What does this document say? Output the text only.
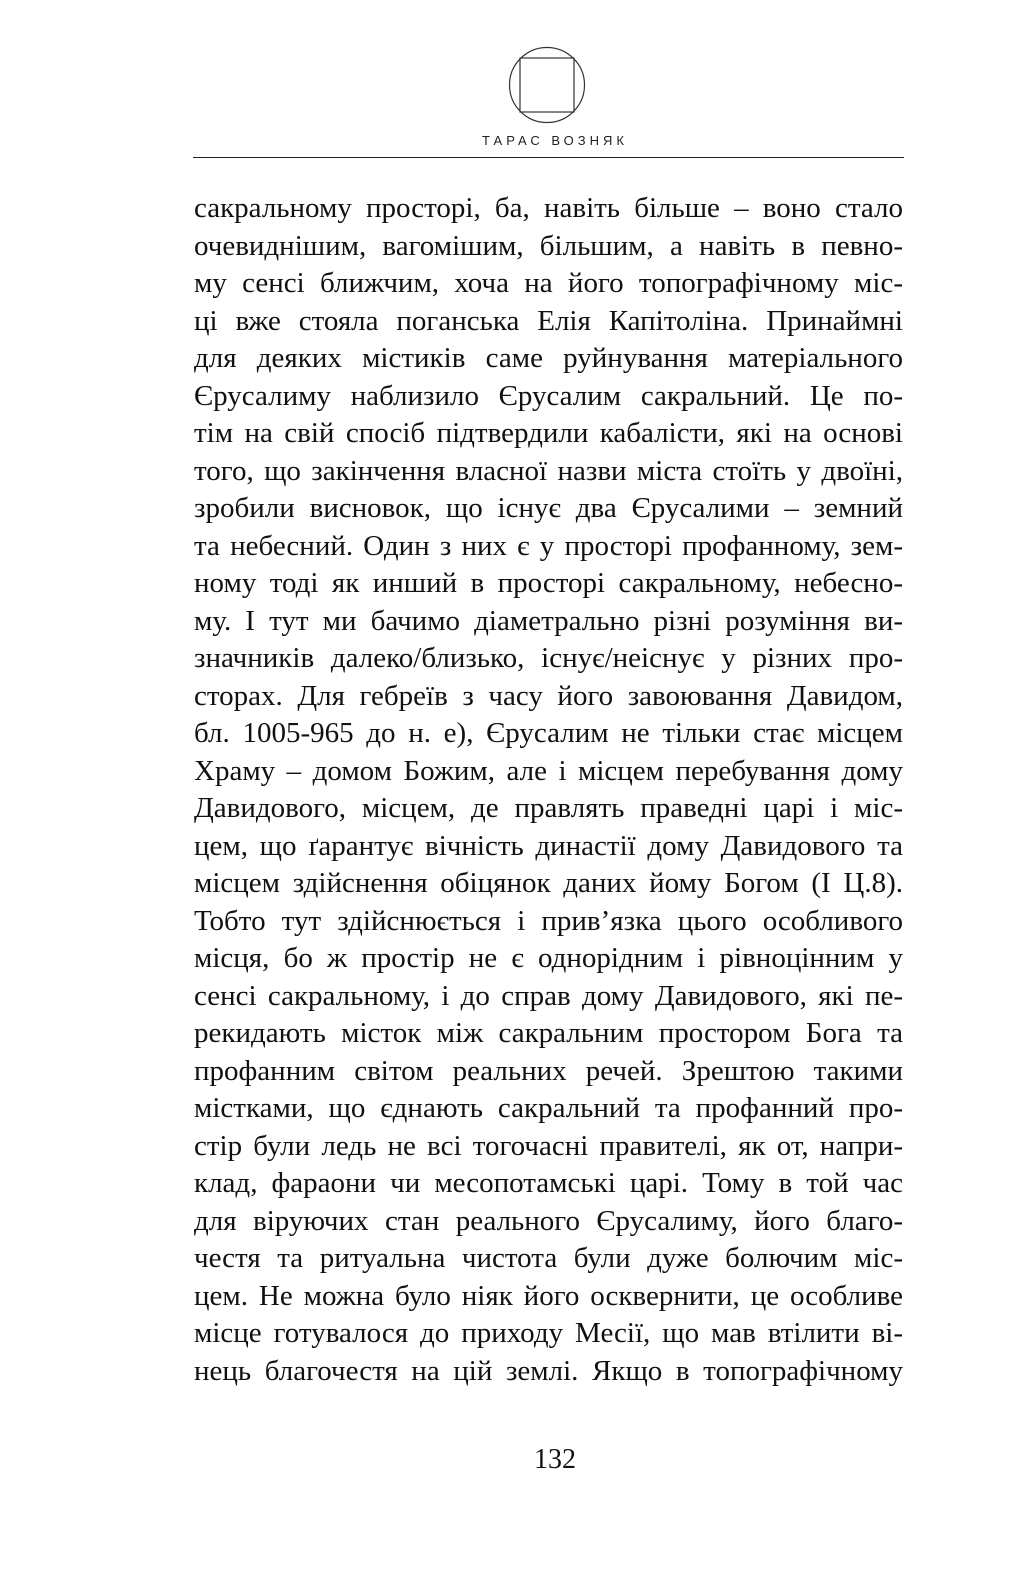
ТАРАС ВОЗНЯК
сакральному просторі, ба, навіть більше – воно стало
очевиднішим, вагомішим, більшим, а навіть в певно-
му сенсі ближчим, хоча на його топографічному міс-
ці вже стояла поганська Елія Капітоліна. Принаймні
для деяких містиків саме руйнування матеріального
Єрусалиму наблизило Єрусалим сакральний. Це по-
тім на свій спосіб підтвердили кабалісти, які на основі
того, що закінчення власної назви міста стоїть у двоїні,
зробили висновок, що існує два Єрусалими – земний
та небесний. Один з них є у просторі профанному, зем-
ному тоді як инший в просторі сакральному, небесно-
му. І тут ми бачимо діаметрально різні розуміння ви-
значників далеко/близько, існує/неіснує у різних про-
сторах. Для гебреїв з часу його завоювання Давидом,
бл. 1005-965 до н. е), Єрусалим не тільки стає місцем
Храму – домом Божим, але і місцем перебування дому
Давидового, місцем, де правлять праведні царі і міс-
цем, що ґарантує вічність династії дому Давидового та
місцем здійснення обіцянок даних йому Богом (І Ц.8).
Тобто тут здійснюється і прив’язка цього особливого
місця, бо ж простір не є однорідним і рівноцінним у
сенсі сакральному, і до справ дому Давидового, які пе-
рекидають місток між сакральним простором Бога та
профанним світом реальних речей. Зрештою такими
містками, що єднають сакральний та профанний про-
стір були ледь не всі тогочасні правителі, як от, напри-
клад, фараони чи месопотамські царі. Тому в той час
для віруючих стан реального Єрусалиму, його благо-
честя та ритуальна чистота були дуже болючим міс-
цем. Не можна було ніяк його осквернити, це особливе
місце готувалося до приходу Месії, що мав втілити ві-
нець благочестя на цій землі. Якщо в топографічному
132
